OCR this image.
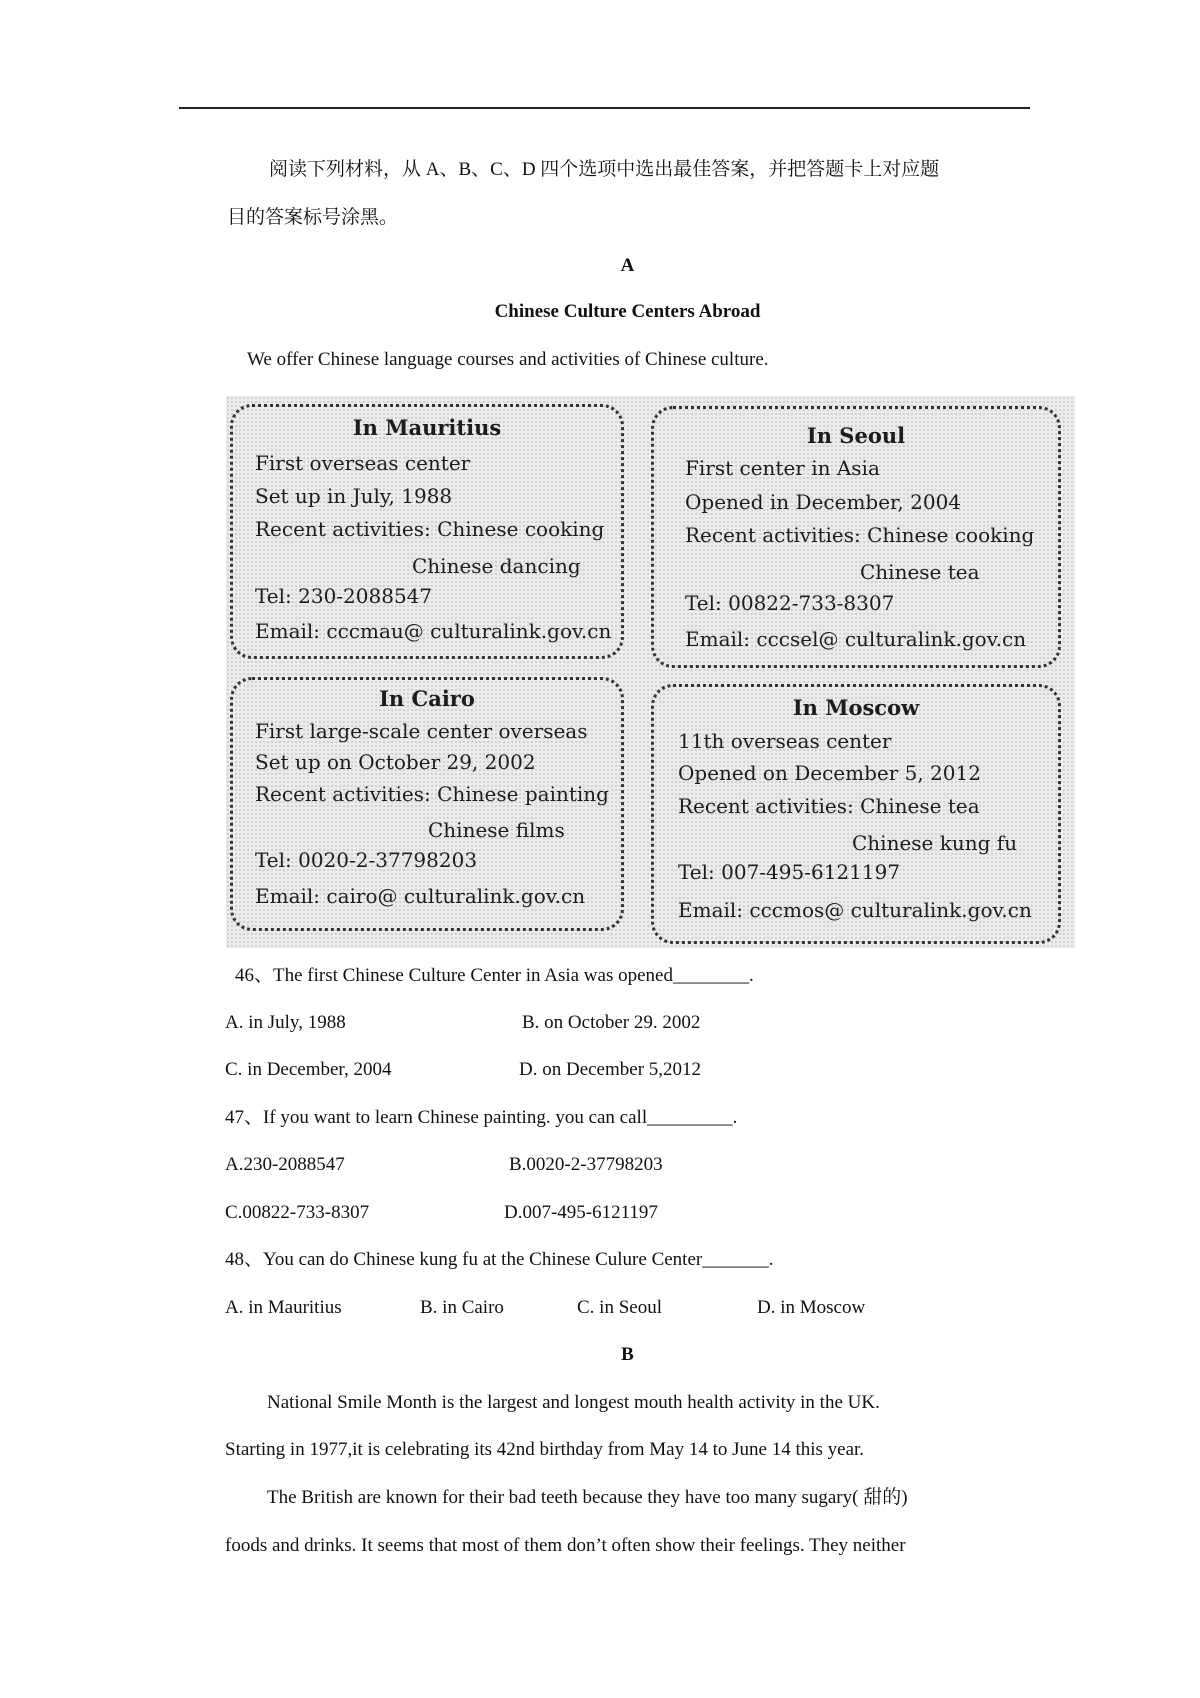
阅读下列材料，从 A、B、C、D 四个选项中选出最佳答案，并把答题卡上对应题
目的答案标号涂黑。
A
Chinese Culture Centers Abroad
We offer Chinese language courses and activities of Chinese culture.
In Mauritius
First overseas center
Set up in July, 1988
Recent activities: Chinese cooking
Chinese dancing
Tel: 230-2088547
Email: cccmau@ culturalink.gov.cn
In Seoul
First center in Asia
Opened in December, 2004
Recent activities: Chinese cooking
Chinese tea
Tel: 00822-733-8307
Email: cccsel@ culturalink.gov.cn
In Cairo
First large-scale center overseas
Set up on October 29, 2002
Recent activities: Chinese painting
Chinese films
Tel: 0020-2-37798203
Email: cairo@ culturalink.gov.cn
In Moscow
11th overseas center
Opened on December 5, 2012
Recent activities: Chinese tea
Chinese kung fu
Tel: 007-495-6121197
Email: cccmos@ culturalink.gov.cn
46、The first Chinese Culture Center in Asia was opened________.
A. in July, 1988	B. on October 29. 2002
C. in December, 2004	D. on December 5,2012
47、If you want to learn Chinese painting. you can call_________.
A.230-2088547	B.0020-2-37798203
C.00822-733-8307	D.007-495-6121197
48、You can do Chinese kung fu at the Chinese Culure Center_______.
A. in Mauritius	B. in Cairo	C. in Seoul	D. in Moscow
B
National Smile Month is the largest and longest mouth health activity in the UK.
Starting in 1977,it is celebrating its 42nd birthday from May 14 to June 14 this year.
The British are known for their bad teeth because they have too many sugary( 甜的)
foods and drinks. It seems that most of them don’t often show their feelings. They neither
